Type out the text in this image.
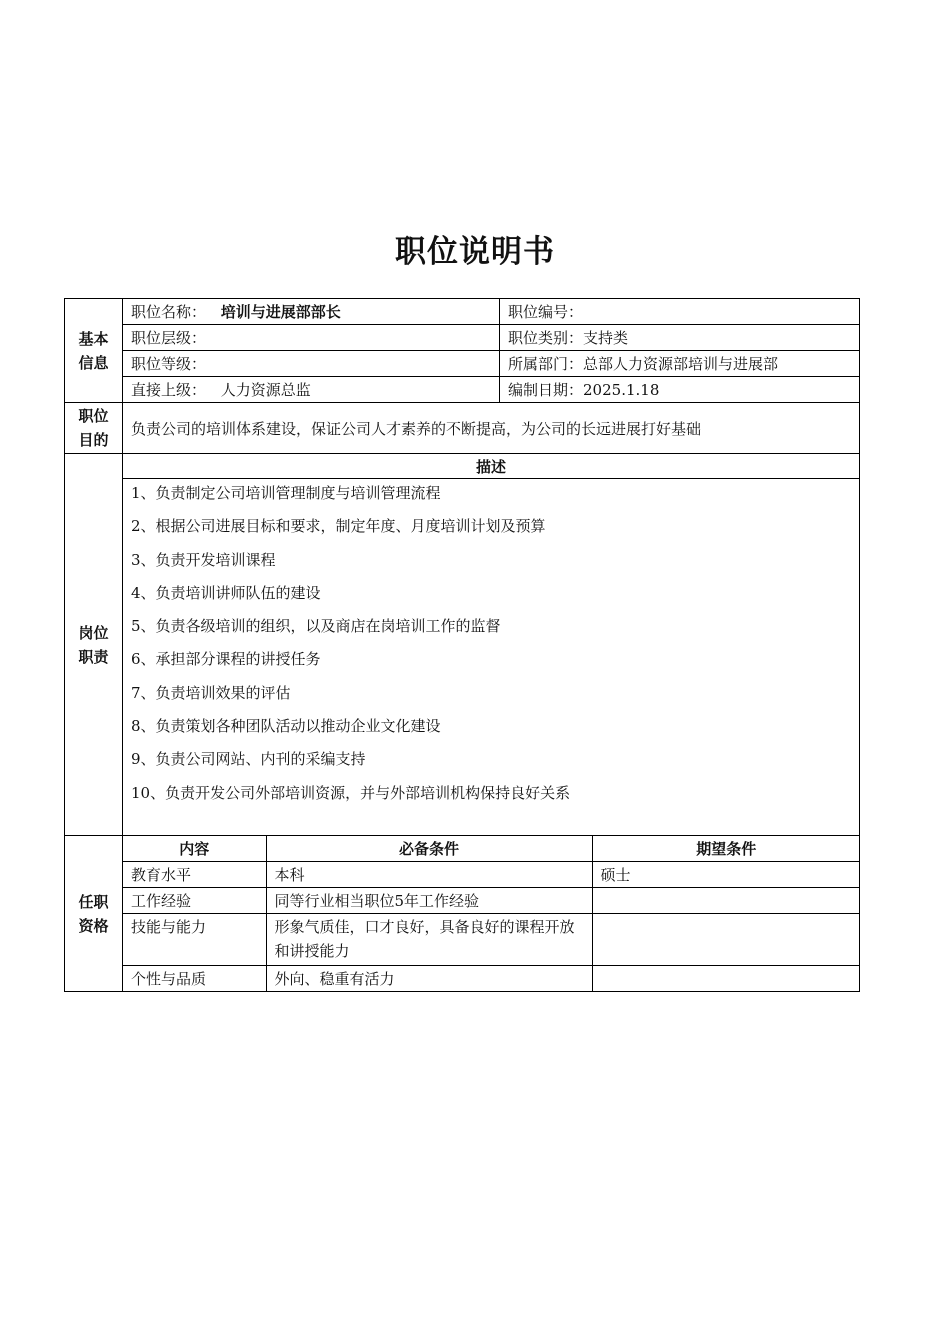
职位说明书
基本信息	职位名称： 培训与进展部部长	职位编号：
职位层级：	职位类别：支持类
职位等级：	所属部门：总部人力资源部培训与进展部
直接上级： 人力资源总监	编制日期：2025.1.18
职位目的	负责公司的培训体系建设，保证公司人才素养的不断提高，为公司的长远进展打好基础
岗位职责	描述

1、负责制定公司培训管理制度与培训管理流程
2、根据公司进展目标和要求，制定年度、月度培训计划及预算
3、负责开发培训课程
4、负责培训讲师队伍的建设
5、负责各级培训的组织，以及商店在岗培训工作的监督
6、承担部分课程的讲授任务
7、负责培训效果的评估
8、负责策划各种团队活动以推动企业文化建设
9、负责公司网站、内刊的采编支持
10、负责开发公司外部培训资源，并与外部培训机构保持良好关系

任职资格	
内容	必备条件	期望条件
教育水平	本科	硕士
工作经验	同等行业相当职位5年工作经验	
技能与能力	形象气质佳，口才良好，具备良好的课程开放和讲授能力	
个性与品质	外向、稳重有活力	
